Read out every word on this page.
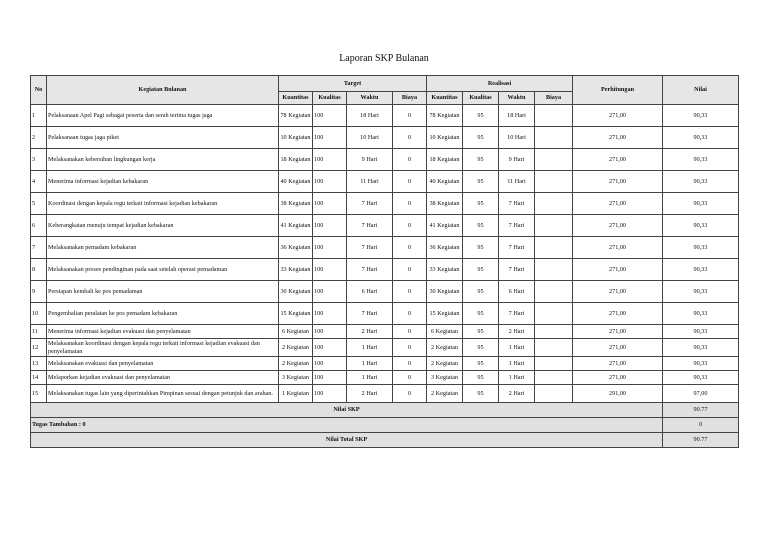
Laporan SKP Bulanan
No	Kegiatan Bulanan	Target				Realisasi				Perhitungan	Nilai
		Kuantitas	Kualitas	Waktu	Biaya	Kuantitas	Kualitas	Waktu	Biaya		
1	Pelaksanaan Apel Pagi sebagai peserta dan serah terima tugas jaga	78 Kegiatan	100	18 Hari	0	78 Kegiatan	95	18 Hari		271,00	90,33
2	Pelaksanaan tugas jaga piket	10 Kegiatan	100	10 Hari	0	10 Kegiatan	95	10 Hari		271,00	90,33
3	Melaksanakan kebersihan lingkungan kerja	18 Kegiatan	100	9 Hari	0	18 Kegiatan	95	9 Hari		271,00	90,33
4	Menerima informasi kejadian kebakaran	40 Kegiatan	100	11 Hari	0	40 Kegiatan	95	11 Hari		271,00	90,33
5	Koordinasi dengan kepala regu terkait informasi kejadian kebakaran	38 Kegiatan	100	7 Hari	0	38 Kegiatan	95	7 Hari		271,00	90,33
6	Keberangkatan menuju tempat kejadian kebakaran	41 Kegiatan	100	7 Hari	0	41 Kegiatan	95	7 Hari		271,00	90,33
7	Melaksanakan pemadam kebakaran	36 Kegiatan	100	7 Hari	0	36 Kegiatan	95	7 Hari		271,00	90,33
8	Melaksanakan proses pendinginan pada saat setelah operasi pemadaman	33 Kegiatan	100	7 Hari	0	33 Kegiatan	95	7 Hari		271,00	90,33
9	Persiapan kembali ke pos pemadaman	30 Kegiatan	100	6 Hari	0	30 Kegiatan	95	6 Hari		271,00	90,33
10	Pengembalian peralatan ke pos pemadam kebakaran	15 Kegiatan	100	7 Hari	0	15 Kegiatan	95	7 Hari		271,00	90,33
11	Menerima informasi kejadian evakuasi dan penyelamatan	6 Kegiatan	100	2 Hari	0	6 Kegiatan	95	2 Hari		271,00	90,33
12	Melaksanakan koordinasi dengan kepala regu terkait informasi kejadian evakuasi dan penyelamatan	2 Kegiatan	100	1 Hari	0	2 Kegiatan	95	1 Hari		271,00	90,33
13	Melaksanakan evakuasi dan penyelamatan	2 Kegiatan	100	1 Hari	0	2 Kegiatan	95	1 Hari		271,00	90,33
14	Melaporkan kejadian evakuasi dan penyelamatan	3 Kegiatan	100	1 Hari	0	3 Kegiatan	95	1 Hari		271,00	90,33
15	Melaksanakan tugas lain yang diperintahkan Pimpinan sesuai dengan petunjuk dan arahan.	1 Kegiatan	100	2 Hari	0	2 Kegiatan	95	2 Hari		291,00	97,00
Nilai SKP											90.77
Tugas Tambahan : 0											0
Nilai Total SKP											90.77
